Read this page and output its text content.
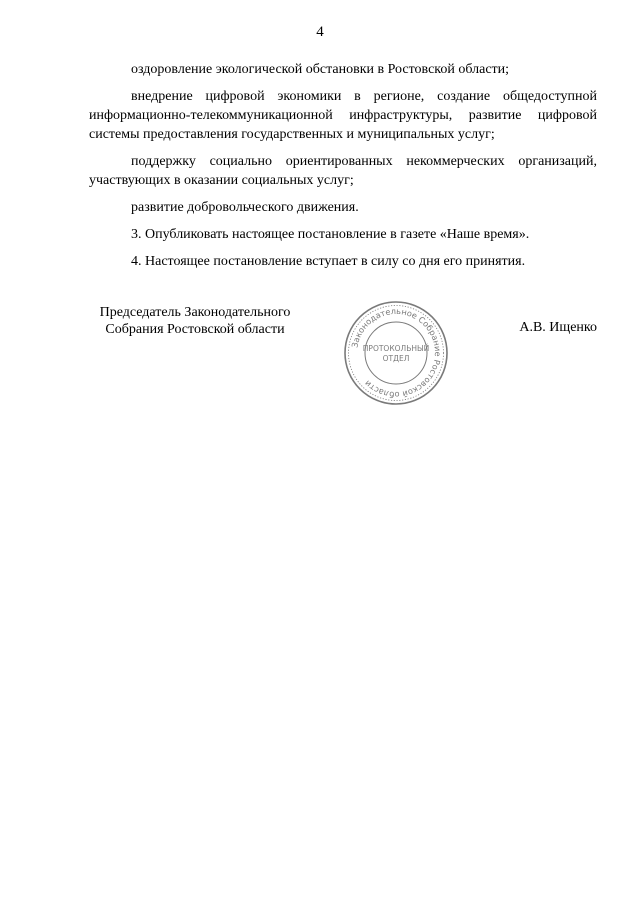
4

оздоровление экологической обстановки в Ростовской области;

внедрение цифровой экономики в регионе, создание общедоступной информационно-телекоммуникационной инфраструктуры, развитие цифровой системы предоставления государственных и муниципальных услуг;

поддержку социально ориентированных некоммерческих организаций, участвующих в оказании социальных услуг;

развитие добровольческого движения.

3. Опубликовать настоящее постановление в газете «Наше время».

4. Настоящее постановление вступает в силу со дня его принятия.

Председатель Законодательного
Собрания Ростовской области
Законодательное Собрание Ростовской области
ПРОТОКОЛЬНЫЙ
ОТДЕЛ
А.В. Ищенко
